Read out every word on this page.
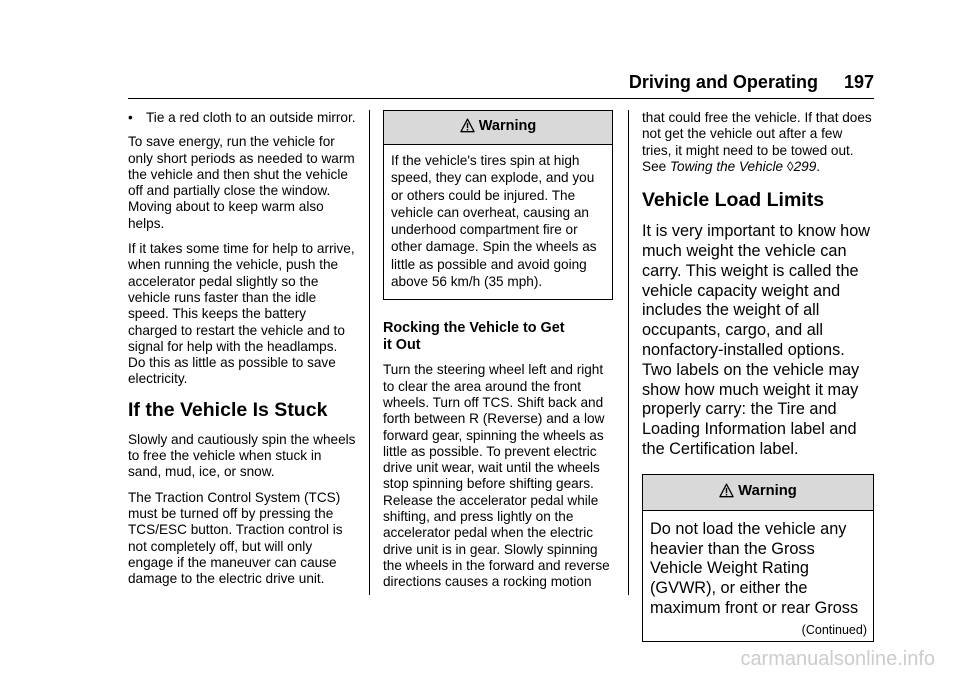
Driving and Operating 197
• Tie a red cloth to an outside mirror.

To save energy, run the vehicle for only short periods as needed to warm the vehicle and then shut the vehicle off and partially close the window. Moving about to keep warm also helps.

If it takes some time for help to arrive, when running the vehicle, push the accelerator pedal slightly so the vehicle runs faster than the idle speed. This keeps the battery charged to restart the vehicle and to signal for help with the headlamps. Do this as little as possible to save electricity.

If the Vehicle Is Stuck

Slowly and cautiously spin the wheels to free the vehicle when stuck in sand, mud, ice, or snow.

The Traction Control System (TCS) must be turned off by pressing the TCS/ESC button. Traction control is not completely off, but will only engage if the maneuver can cause damage to the electric drive unit.

Warning
If the vehicle's tires spin at high speed, they can explode, and you or others could be injured. The vehicle can overheat, causing an underhood compartment fire or other damage. Spin the wheels as little as possible and avoid going above 56 km/h (35 mph).
Rocking the Vehicle to Get
it Out

Turn the steering wheel left and right to clear the area around the front wheels. Turn off TCS. Shift back and forth between R (Reverse) and a low forward gear, spinning the wheels as little as possible. To prevent electric drive unit wear, wait until the wheels stop spinning before shifting gears. Release the accelerator pedal while shifting, and press lightly on the accelerator pedal when the electric drive unit is in gear. Slowly spinning the wheels in the forward and reverse directions causes a rocking motion

that could free the vehicle. If that does not get the vehicle out after a few tries, it might need to be towed out. See Towing the Vehicle ◊299.

Vehicle Load Limits

It is very important to know how much weight the vehicle can carry. This weight is called the vehicle capacity weight and includes the weight of all occupants, cargo, and all nonfactory-installed options. Two labels on the vehicle may show how much weight it may properly carry: the Tire and Loading Information label and the Certification label.

Warning
Do not load the vehicle any heavier than the Gross Vehicle Weight Rating (GVWR), or either the maximum front or rear Gross
(Continued)
carmanualsonline.info
